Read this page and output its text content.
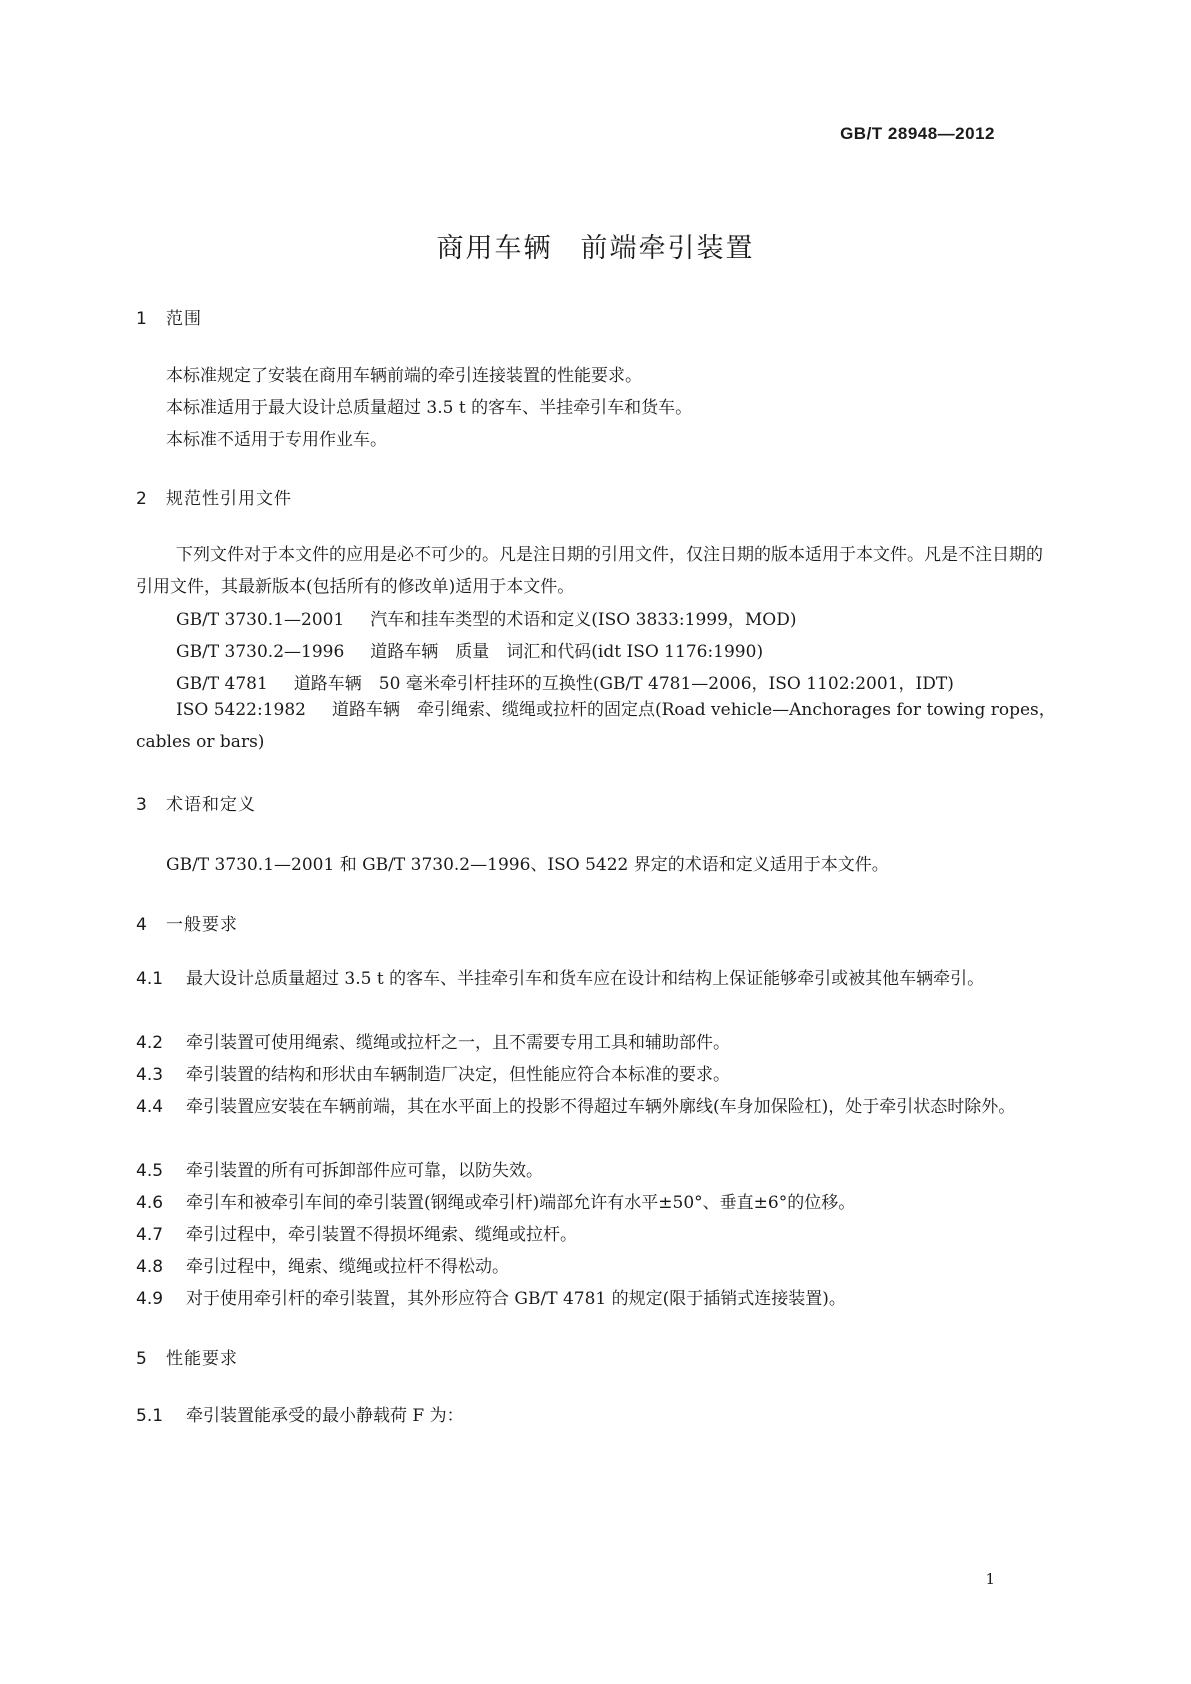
GB/T 28948—2012
商用车辆 前端牵引装置
1 范围

本标准规定了安装在商用车辆前端的牵引连接装置的性能要求。

本标准适用于最大设计总质量超过 3.5 t 的客车、半挂牵引车和货车。

本标准不适用于专用作业车。

2 规范性引用文件

下列文件对于本文件的应用是必不可少的。凡是注日期的引用文件，仅注日期的版本适用于本文件。凡是不注日期的引用文件，其最新版本(包括所有的修改单)适用于本文件。

GB/T 3730.1—2001 汽车和挂车类型的术语和定义(ISO 3833:1999，MOD)
GB/T 3730.2—1996 道路车辆　质量　词汇和代码(idt ISO 1176:1990)
GB/T 4781 道路车辆　50 毫米牵引杆挂环的互换性(GB/T 4781—2006，ISO 1102:2001，IDT)

ISO 5422:1982 道路车辆　牵引绳索、缆绳或拉杆的固定点(Road vehicle—Anchorages for towing ropes，cables or bars)

3 术语和定义

GB/T 3730.1—2001 和 GB/T 3730.2—1996、ISO 5422 界定的术语和定义适用于本文件。

4 一般要求

4.1 最大设计总质量超过 3.5 t 的客车、半挂牵引车和货车应在设计和结构上保证能够牵引或被其他车辆牵引。

4.2 牵引装置可使用绳索、缆绳或拉杆之一，且不需要专用工具和辅助部件。

4.3 牵引装置的结构和形状由车辆制造厂决定，但性能应符合本标准的要求。

4.4 牵引装置应安装在车辆前端，其在水平面上的投影不得超过车辆外廓线(车身加保险杠)，处于牵引状态时除外。

4.5 牵引装置的所有可拆卸部件应可靠，以防失效。

4.6 牵引车和被牵引车间的牵引装置(钢绳或牵引杆)端部允许有水平±50°、垂直±6°的位移。

4.7 牵引过程中，牵引装置不得损坏绳索、缆绳或拉杆。

4.8 牵引过程中，绳索、缆绳或拉杆不得松动。

4.9 对于使用牵引杆的牵引装置，其外形应符合 GB/T 4781 的规定(限于插销式连接装置)。

5 性能要求

5.1 牵引装置能承受的最小静载荷 F 为：

1
